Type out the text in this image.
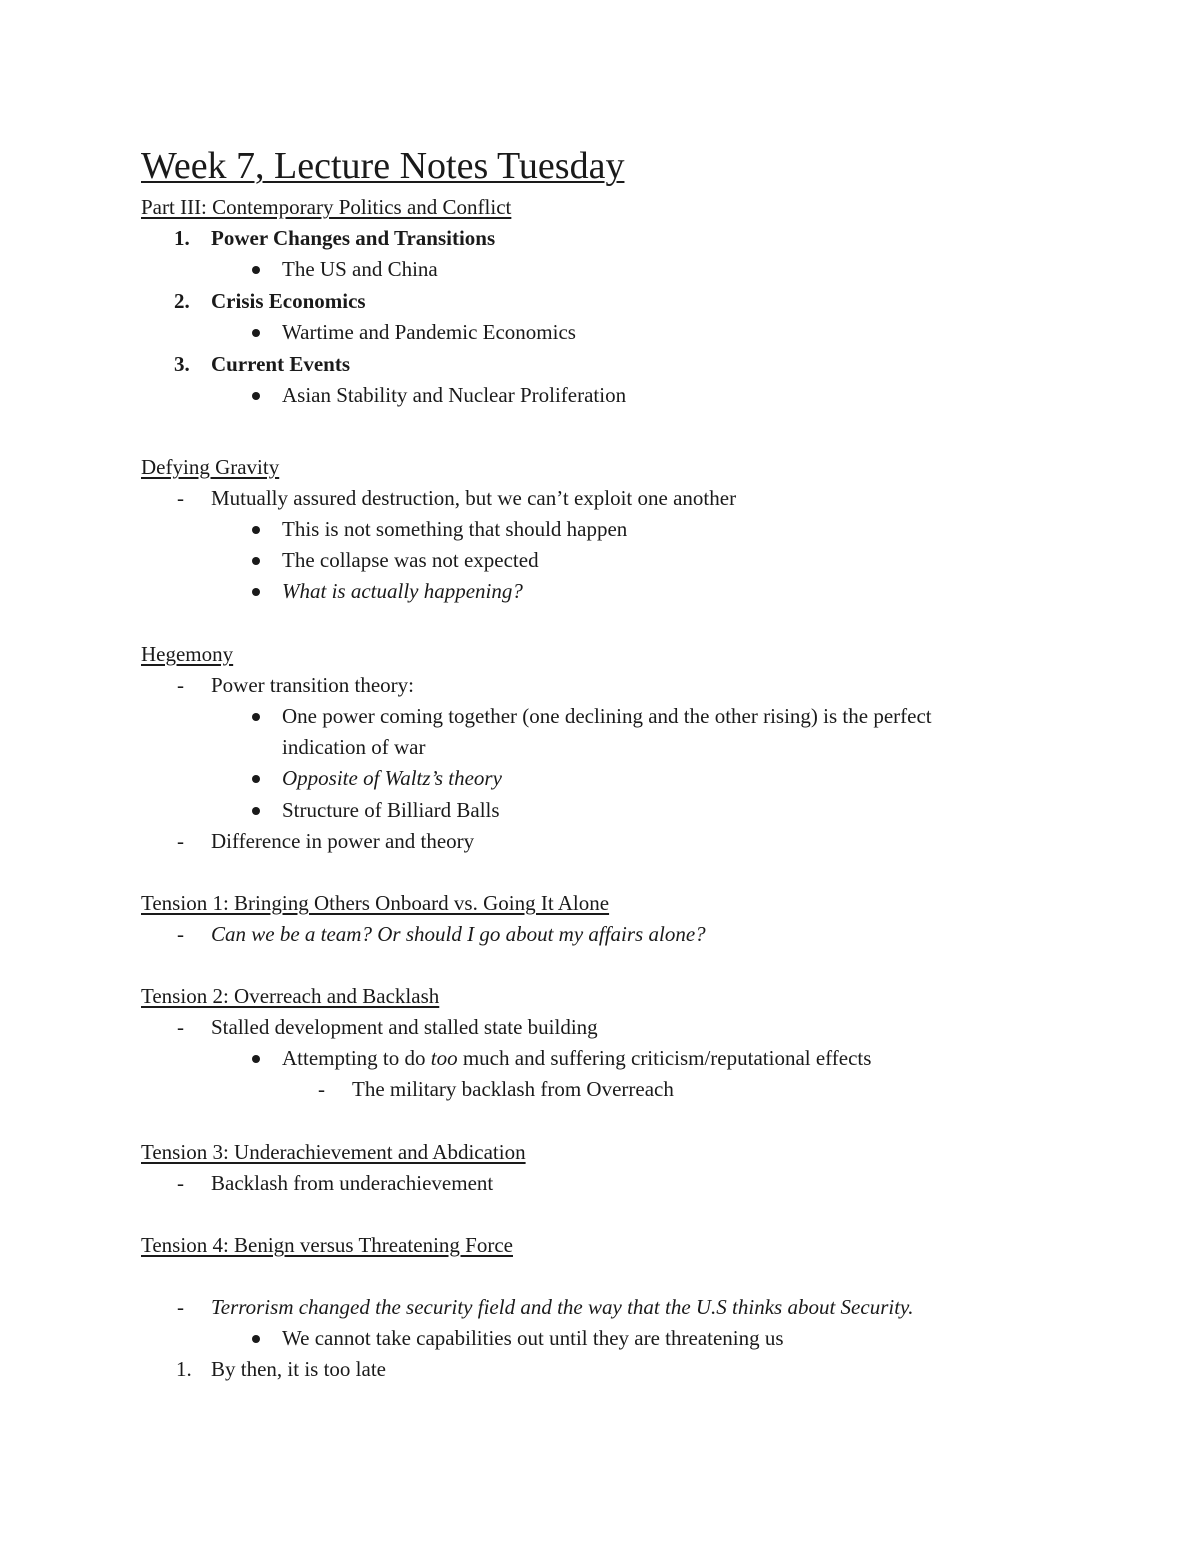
Week 7, Lecture Notes Tuesday
Part III: Contemporary Politics and Conflict
1. Power Changes and Transitions
The US and China
2. Crisis Economics
Wartime and Pandemic Economics
3. Current Events
Asian Stability and Nuclear Proliferation
Defying Gravity
- Mutually assured destruction, but we can’t exploit one another
This is not something that should happen
The collapse was not expected
What is actually happening?
Hegemony
- Power transition theory:
One power coming together (one declining and the other rising) is the perfect
indication of war
Opposite of Waltz’s theory
Structure of Billiard Balls
- Difference in power and theory
Tension 1: Bringing Others Onboard vs. Going It Alone
- Can we be a team? Or should I go about my affairs alone?
Tension 2: Overreach and Backlash
- Stalled development and stalled state building
Attempting to do too much and suffering criticism/reputational effects
- The military backlash from Overreach
Tension 3: Underachievement and Abdication
- Backlash from underachievement
Tension 4: Benign versus Threatening Force
- Terrorism changed the security field and the way that the U.S thinks about Security.
We cannot take capabilities out until they are threatening us
1. By then, it is too late
